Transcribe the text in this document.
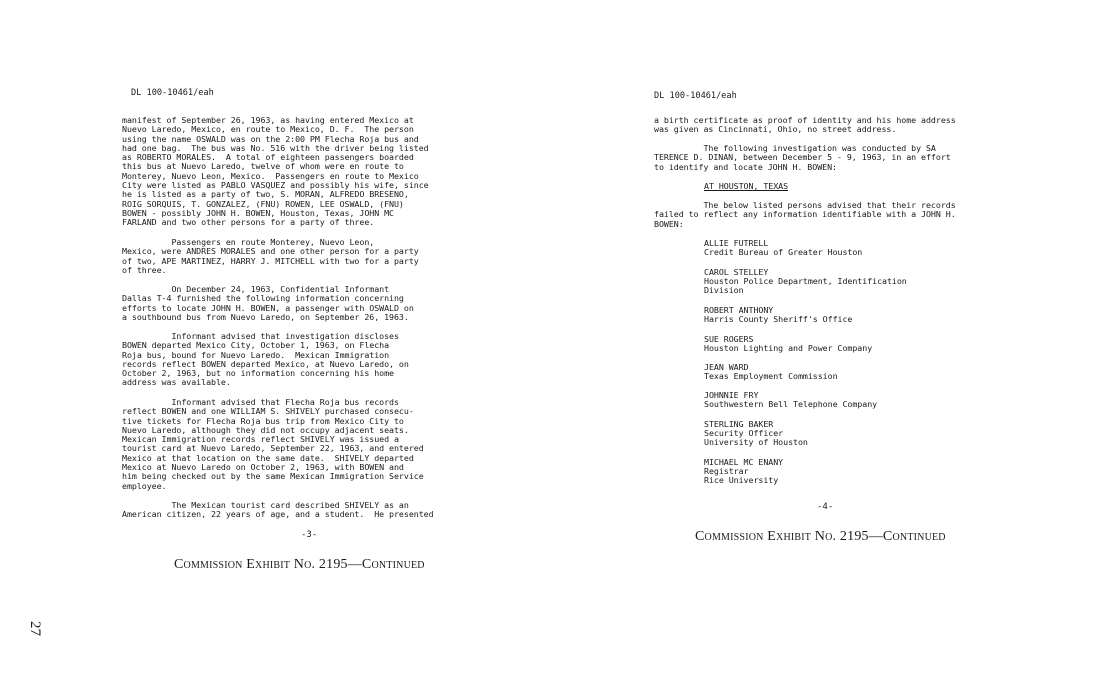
27
DL 100-10461/eah
manifest of September 26, 1963, as having entered Mexico at
Nuevo Laredo, Mexico, en route to Mexico, D. F.  The person
using the name OSWALD was on the 2:00 PM Flecha Roja bus and
had one bag.  The bus was No. 516 with the driver being listed
as ROBERTO MORALES.  A total of eighteen passengers boarded
this bus at Nuevo Laredo, twelve of whom were en route to
Monterey, Nuevo Leon, Mexico.  Passengers en route to Mexico
City were listed as PABLO VASQUEZ and possibly his wife, since
he is listed as a party of two, S. MORAN, ALFREDO BRESENO,
ROIG SORQUIS, T. GONZALEZ, (FNU) ROWEN, LEE OSWALD, (FNU)
BOWEN - possibly JOHN H. BOWEN, Houston, Texas, JOHN MC
FARLAND and two other persons for a party of three.
Passengers en route Monterey, Nuevo Leon,
Mexico, were ANDRES MORALES and one other person for a party
of two, APE MARTINEZ, HARRY J. MITCHELL with two for a party
of three.
On December 24, 1963, Confidential Informant
Dallas T-4 furnished the following information concerning
efforts to locate JOHN H. BOWEN, a passenger with OSWALD on
a southbound bus from Nuevo Laredo, on September 26, 1963.
Informant advised that investigation discloses
BOWEN departed Mexico City, October 1, 1963, on Flecha
Roja bus, bound for Nuevo Laredo.  Mexican Immigration
records reflect BOWEN departed Mexico, at Nuevo Laredo, on
October 2, 1963, but no information concerning his home
address was available.
Informant advised that Flecha Roja bus records
reflect BOWEN and one WILLIAM S. SHIVELY purchased consecu-
tive tickets for Flecha Roja bus trip from Mexico City to
Nuevo Laredo, although they did not occupy adjacent seats.
Mexican Immigration records reflect SHIVELY was issued a
tourist card at Nuevo Laredo, September 22, 1963, and entered
Mexico at that location on the same date.  SHIVELY departed
Mexico at Nuevo Laredo on October 2, 1963, with BOWEN and
him being checked out by the same Mexican Immigration Service
employee.
The Mexican tourist card described SHIVELY as an
American citizen, 22 years of age, and a student.  He presented
-3-
Commission Exhibit No. 2195—Continued
DL 100-10461/eah
a birth certificate as proof of identity and his home address
was given as Cincinnati, Ohio, no street address.
The following investigation was conducted by SA
TERENCE D. DINAN, between December 5 - 9, 1963, in an effort
to identify and locate JOHN H. BOWEN:
AT HOUSTON, TEXAS
The below listed persons advised that their records
failed to reflect any information identifiable with a JOHN H.
BOWEN:
ALLIE FUTRELL
Credit Bureau of Greater Houston
CAROL STELLEY
Houston Police Department, Identification
Division
ROBERT ANTHONY
Harris County Sheriff's Office
SUE ROGERS
Houston Lighting and Power Company
JEAN WARD
Texas Employment Commission
JOHNNIE FRY
Southwestern Bell Telephone Company
STERLING BAKER
Security Officer
University of Houston
MICHAEL MC ENANY
Registrar
Rice University
-4-
Commission Exhibit No. 2195—Continued
